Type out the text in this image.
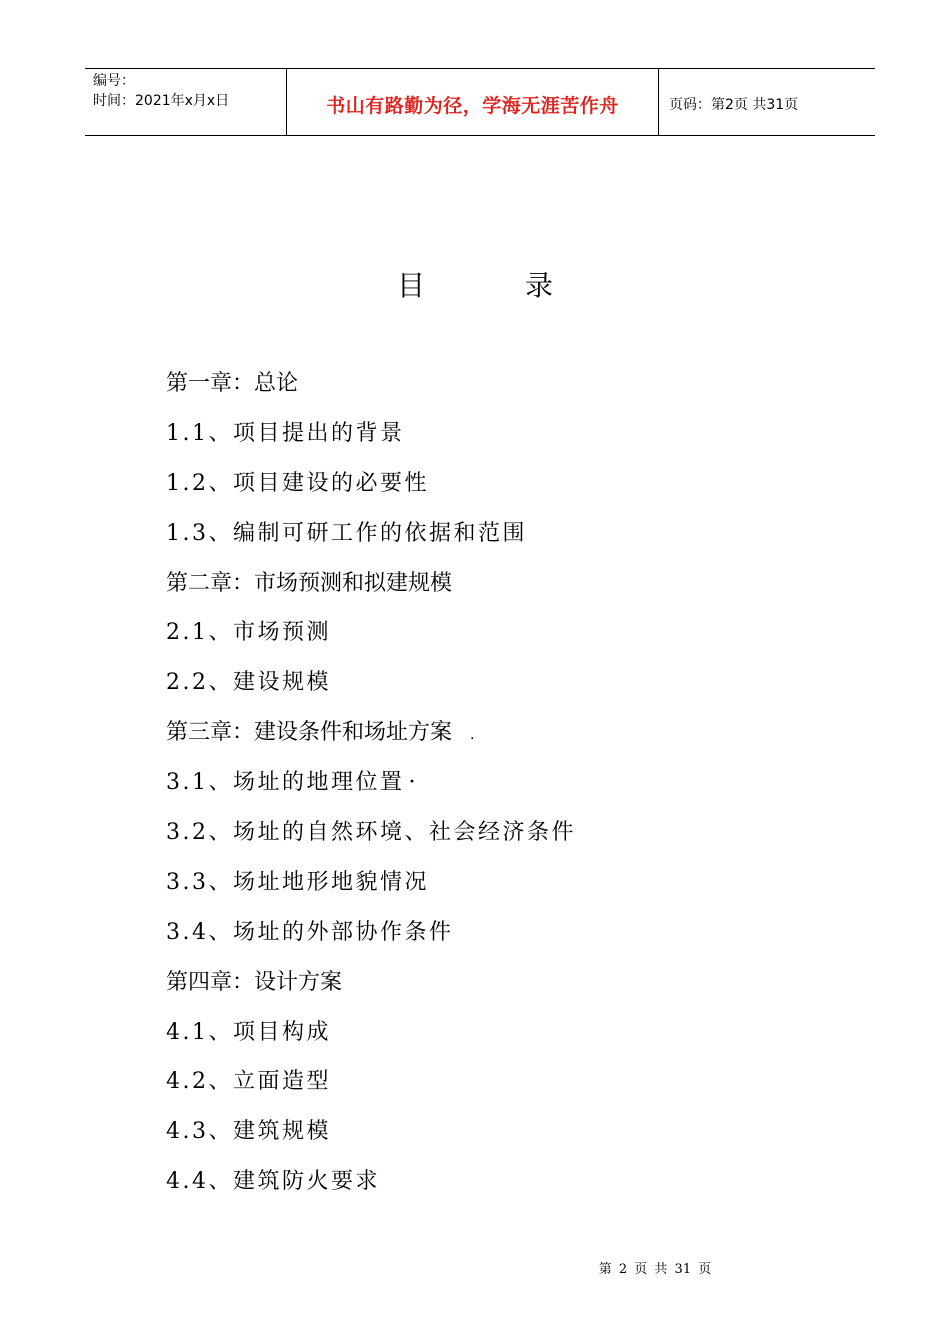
编号：
时间：2021年x月x日	书山有路勤为径，学海无涯苦作舟	页码：第2页 共31页
目	录
第一章：总论
1.1、项目提出的背景
1.2、项目建设的必要性
1.3、编制可研工作的依据和范围
第二章：市场预测和拟建规模
2.1、市场预测
2.2、建设规模
第三章：建设条件和场址方案 .
3.1、场址的地理位置 ·
3.2、场址的自然环境、社会经济条件
3.3、场址地形地貌情况
3.4、场址的外部协作条件
第四章：设计方案
4.1、项目构成
4.2、立面造型
4.3、建筑规模
4.4、建筑防火要求
第 2 页 共 31 页
